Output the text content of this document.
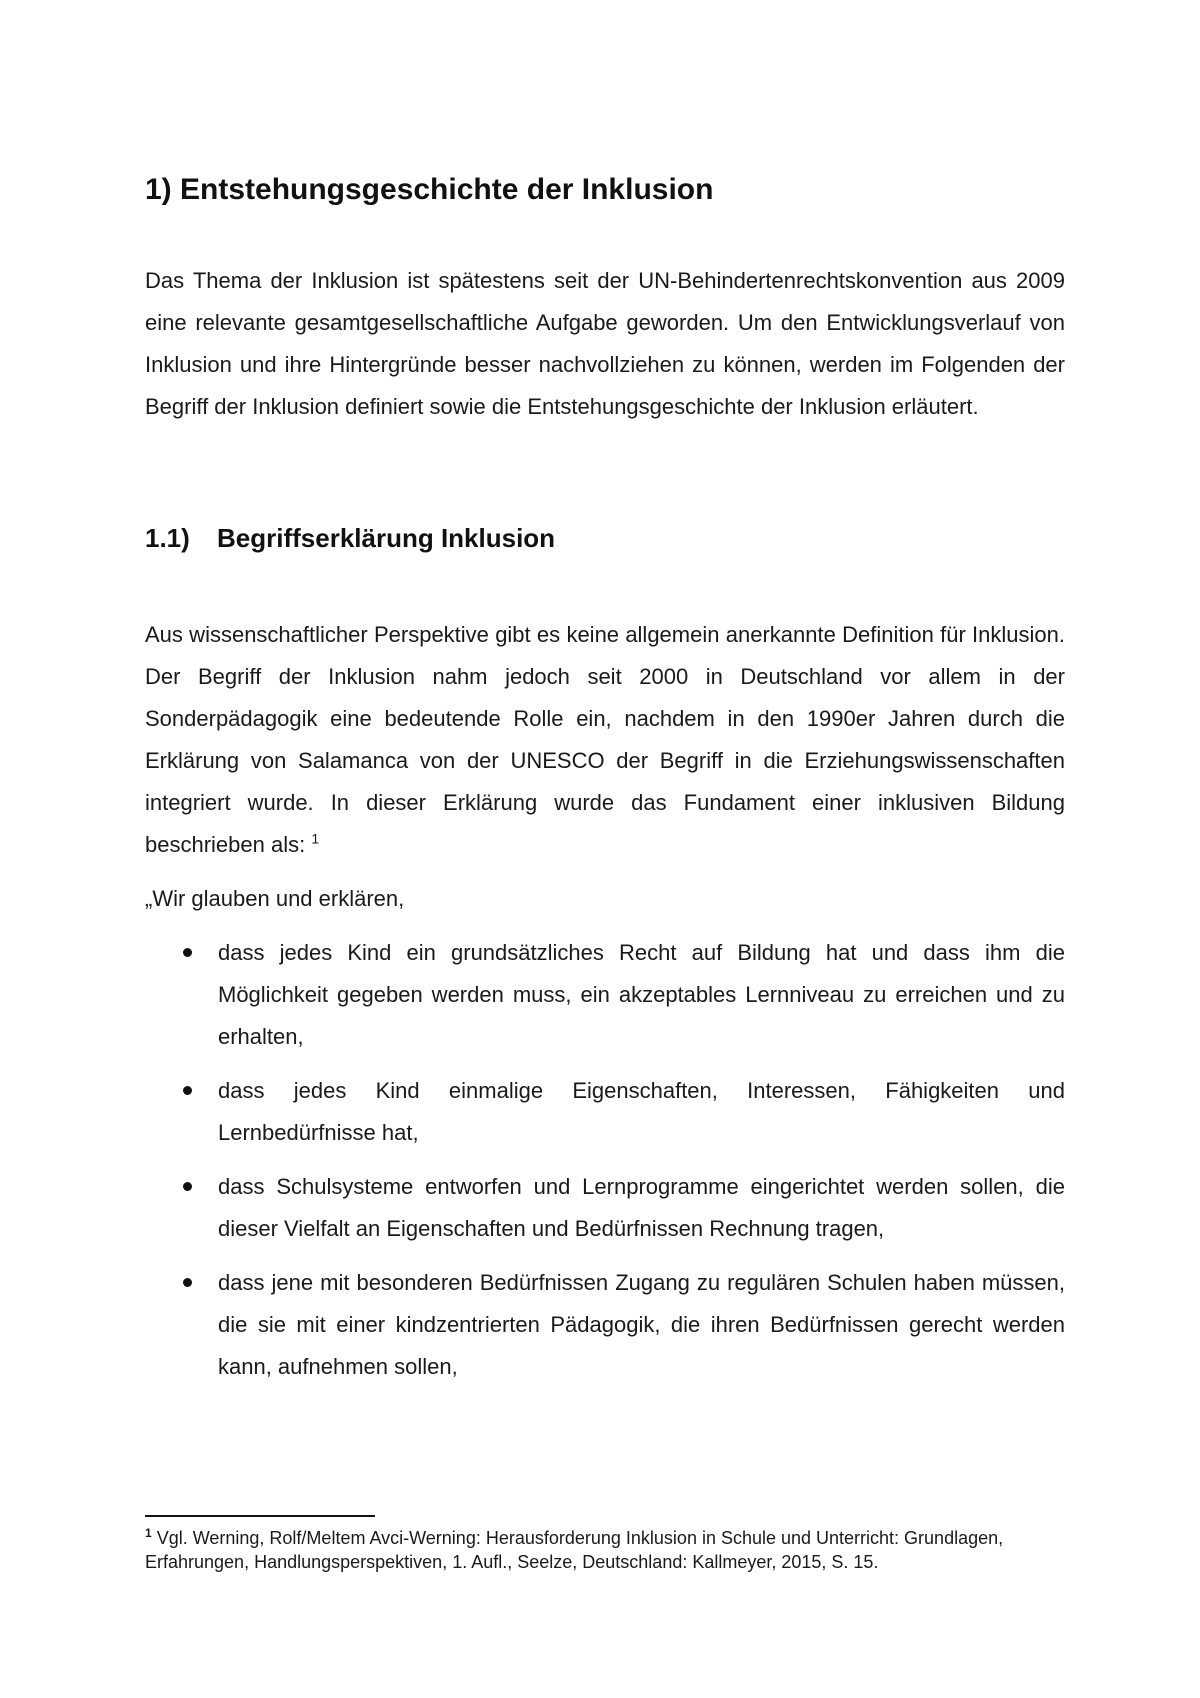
1) Entstehungsgeschichte der Inklusion

Das Thema der Inklusion ist spätestens seit der UN-Behindertenrechtskonvention aus 2009 eine relevante gesamtgesellschaftliche Aufgabe geworden. Um den Entwicklungsverlauf von Inklusion und ihre Hintergründe besser nachvollziehen zu können, werden im Folgenden der Begriff der Inklusion definiert sowie die Entstehungsgeschichte der Inklusion erläutert.

1.1) Begriffserklärung Inklusion

Aus wissenschaftlicher Perspektive gibt es keine allgemein anerkannte Definition für Inklusion. Der Begriff der Inklusion nahm jedoch seit 2000 in Deutschland vor allem in der Sonderpädagogik eine bedeutende Rolle ein, nachdem in den 1990er Jahren durch die Erklärung von Salamanca von der UNESCO der Begriff in die Erziehungswissenschaften integriert wurde. In dieser Erklärung wurde das Fundament einer inklusiven Bildung beschrieben als: $^1$

„Wir glauben und erklären,

dass jedes Kind ein grundsätzliches Recht auf Bildung hat und dass ihm die Möglichkeit gegeben werden muss, ein akzeptables Lernniveau zu erreichen und zu erhalten,
dass jedes Kind einmalige Eigenschaften, Interessen, Fähigkeiten und Lernbedürfnisse hat,
dass Schulsysteme entworfen und Lernprogramme eingerichtet werden sollen, die dieser Vielfalt an Eigenschaften und Bedürfnissen Rechnung tragen,
dass jene mit besonderen Bedürfnissen Zugang zu regulären Schulen haben müssen, die sie mit einer kindzentrierten Pädagogik, die ihren Bedürfnissen gerecht werden kann, aufnehmen sollen,
$^1$ Vgl. Werning, Rolf/Meltem Avci-Werning: Herausforderung Inklusion in Schule und Unterricht: Grundlagen, Erfahrungen, Handlungsperspektiven, 1. Aufl., Seelze, Deutschland: Kallmeyer, 2015, S. 15.
